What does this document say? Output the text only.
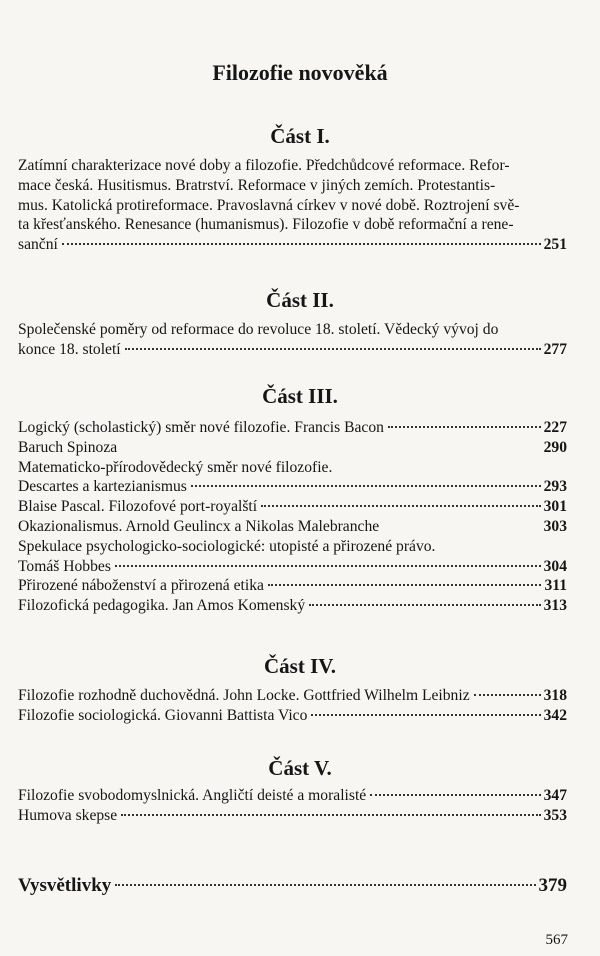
Filozofie novověká
Část I.
Zatímní charakterizace nové doby a filozofie. Předchůdcové reformace. Refor-
mace česká. Husitismus. Bratrství. Reformace v jiných zemích. Protestantis-
mus. Katolická protireformace. Pravoslavná církev v nové době. Roztrojení svě-
ta křesťanského. Renesance (humanismus). Filozofie v době reformační a rene-
sanční	251
Část II.
Společenské poměry od reformace do revoluce 18. století. Vědecký vývoj do
konce 18. století	277
Část III.
Logický (scholastický) směr nové filozofie. Francis Bacon	227
Baruch Spinoza	290
Matematicko-přírodovědecký směr nové filozofie.
Descartes a kartezianismus	293
Blaise Pascal. Filozofové port-royalští	301
Okazionalismus. Arnold Geulincx a Nikolas Malebranche	303
Spekulace psychologicko-sociologické: utopisté a přirozené právo.
Tomáš Hobbes	304
Přirozené náboženství a přirozená etika	311
Filozofická pedagogika. Jan Amos Komenský	313
Část IV.
Filozofie rozhodně duchovědná. John Locke. Gottfried Wilhelm Leibniz	318
Filozofie sociologická. Giovanni Battista Vico	342
Část V.
Filozofie svobodomyslnická. Angličtí deisté a moralisté	347
Humova skepse	353
Vysvětlivky	379
567
